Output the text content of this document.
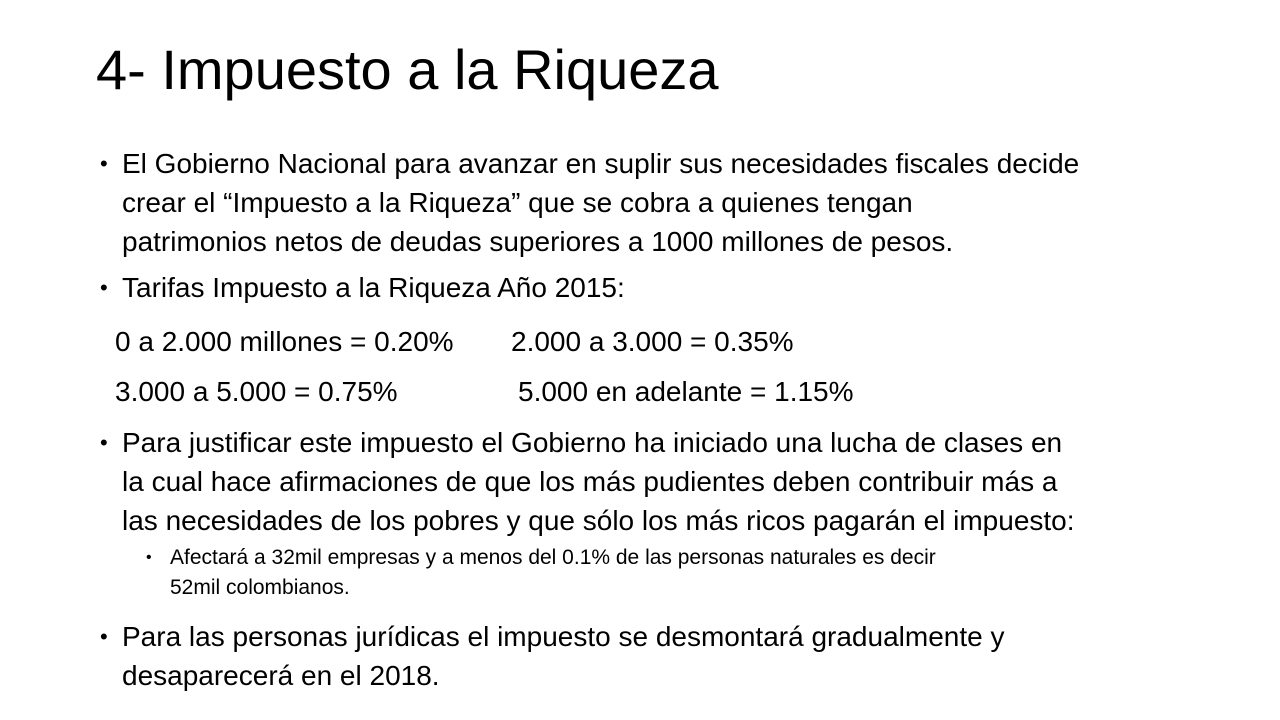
4- Impuesto a la Riqueza
• El Gobierno Nacional para avanzar en suplir sus necesidades fiscales decide
crear el “Impuesto a la Riqueza” que se cobra a quienes tengan
patrimonios netos de deudas superiores a 1000 millones de pesos.
• Tarifas Impuesto a la Riqueza Año 2015:
0 a 2.000 millones = 0.20% 2.000 a 3.000 = 0.35%
3.000 a 5.000 = 0.75%	5.000 en adelante = 1.15%
• Para justificar este impuesto el Gobierno ha iniciado una lucha de clases en
la cual hace afirmaciones de que los más pudientes deben contribuir más a
las necesidades de los pobres y que sólo los más ricos pagarán el impuesto:
• Afectará a 32mil empresas y a menos del 0.1% de las personas naturales es decir
52mil colombianos.
• Para las personas jurídicas el impuesto se desmontará gradualmente y
desaparecerá en el 2018.
